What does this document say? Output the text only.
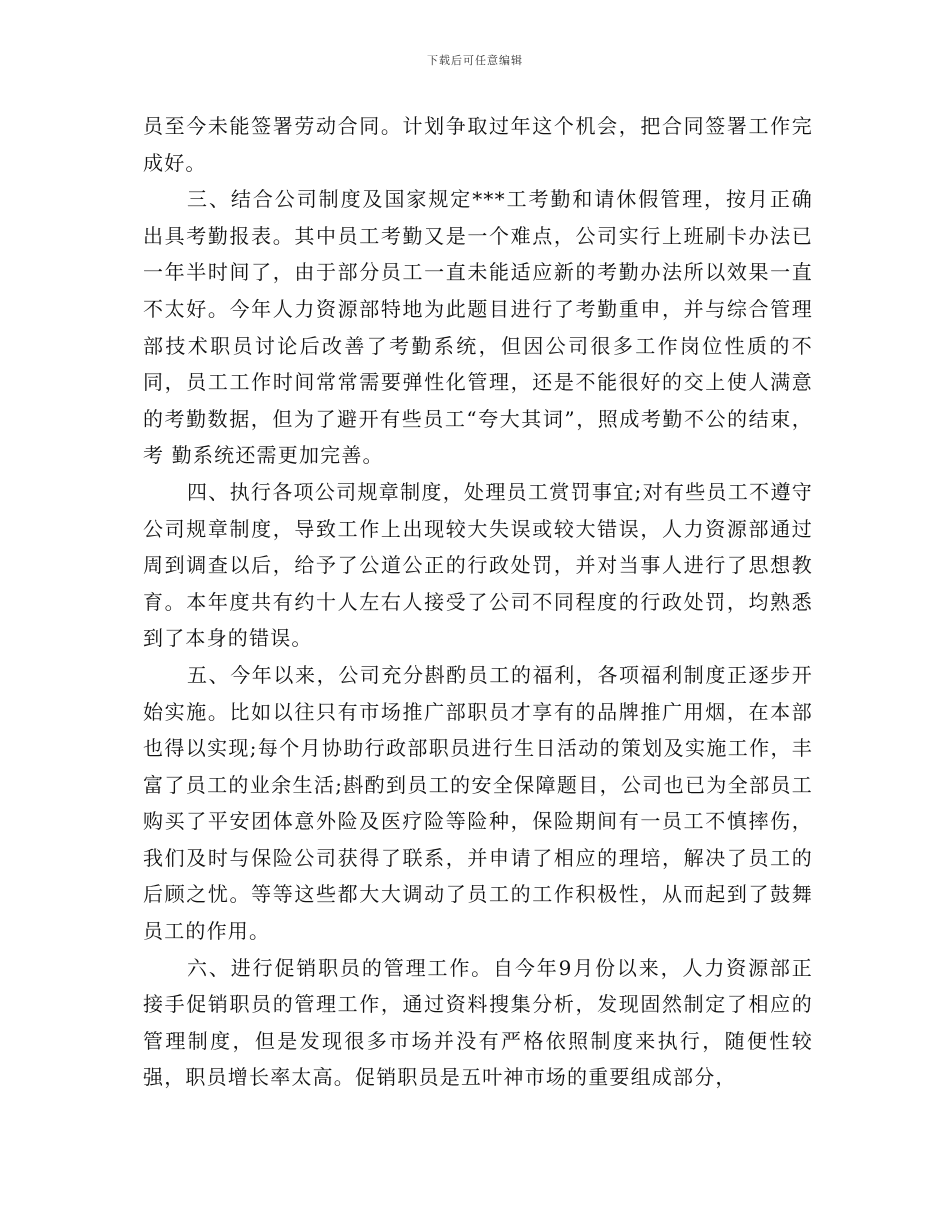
下载后可任意编辑

员至今未能签署劳动合同。计划争取过年这个机会，把合同签署工作完成好。

三、结合公司制度及国家规定***工考勤和请休假管理，按月正确出具考勤报表。其中员工考勤又是一个难点，公司实行上班刷卡办法已一年半时间了，由于部分员工一直未能适应新的考勤办法所以效果一直不太好。今年人力资源部特地为此题目进行了考勤重申，并与综合管理部技术职员讨论后改善了考勤系统，但因公司很多工作岗位性质的不同，员工工作时间常常需要弹性化管理，还是不能很好的交上使人满意的考勤数据，但为了避开有些员工“夸大其词”，照成考勤不公的结束，考 勤系统还需更加完善。

四、执行各项公司规章制度，处理员工赏罚事宜;对有些员工不遵守公司规章制度，导致工作上出现较大失误或较大错误，人力资源部通过周到调查以后，给予了公道公正的行政处罚，并对当事人进行了思想教育。本年度共有约十人左右人接受了公司不同程度的行政处罚，均熟悉到了本身的错误。

五、今年以来，公司充分斟酌员工的福利，各项福利制度正逐步开始实施。比如以往只有市场推广部职员才享有的品牌推广用烟，在本部也得以实现;每个月协助行政部职员进行生日活动的策划及实施工作，丰富了员工的业余生活;斟酌到员工的安全保障题目，公司也已为全部员工购买了平安团体意外险及医疗险等险种，保险期间有一员工不慎摔伤，我们及时与保险公司获得了联系，并申请了相应的理培，解决了员工的后顾之忧。等等这些都大大调动了员工的工作积极性，从而起到了鼓舞员工的作用。

六、进行促销职员的管理工作。自今年9月份以来，人力资源部正接手促销职员的管理工作，通过资料搜集分析，发现固然制定了相应的管理制度，但是发现很多市场并没有严格依照制度来执行，随便性较强，职员增长率太高。促销职员是五叶神市场的重要组成部分，
